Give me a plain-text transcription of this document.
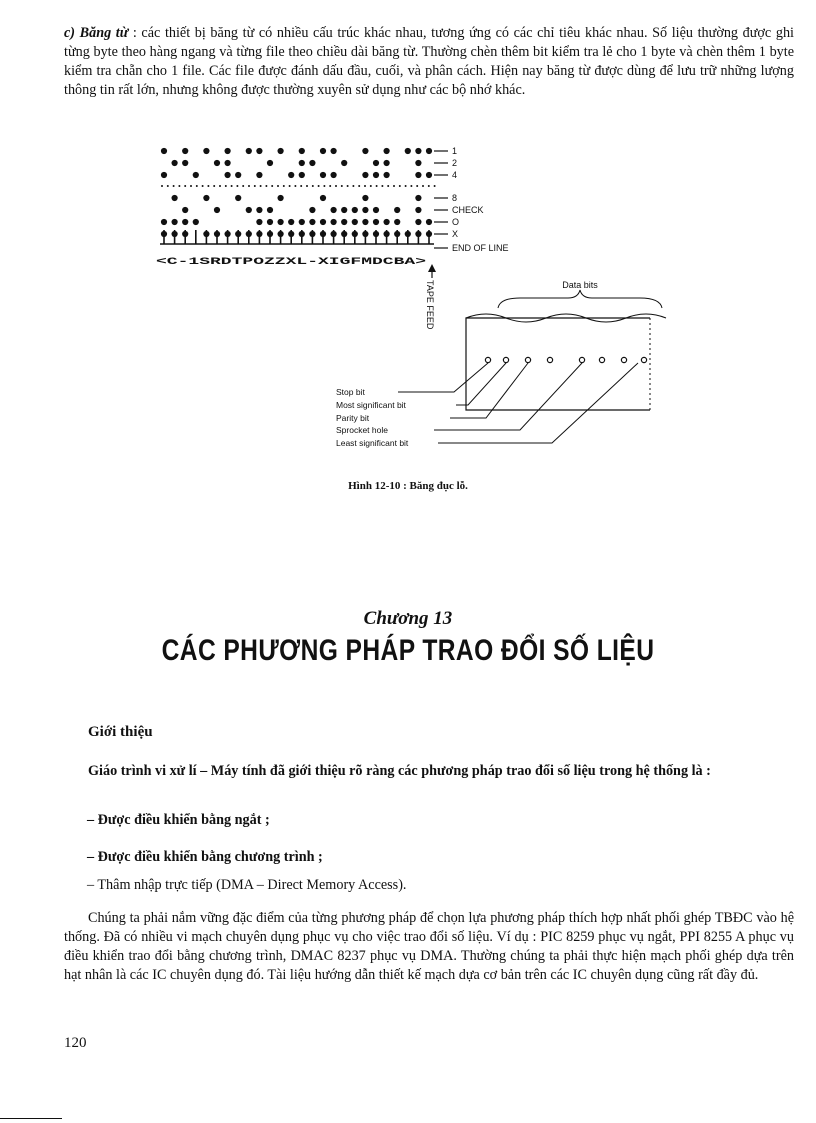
c) Băng từ : các thiết bị băng từ có nhiều cấu trúc khác nhau, tương ứng có các chỉ tiêu khác nhau. Số liệu thường được ghi từng byte theo hàng ngang và từng file theo chiều dài băng từ. Thường chèn thêm bit kiểm tra lẻ cho 1 byte và chèn thêm 1 byte kiểm tra chẵn cho 1 file. Các file được đánh dấu đầu, cuối, và phân cách. Hiện nay băng từ được dùng để lưu trữ những lượng thông tin rất lớn, nhưng không được thường xuyên sử dụng như các bộ nhớ khác.

1
2
4
8
CHECK
O
X
END OF LINE
<C-1SRDTPOZZXL-XIGFMDCBA>
TAPE FEED	Data bits
Stop bit
Most significant bit
Parity bit
Sprocket hole
Least significant bit
Hình 12-10 : Băng đục lỗ.
Chương 13
CÁC PHƯƠNG PHÁP TRAO ĐỔI SỐ LIỆU
Giới thiệu

Giáo trình vi xử lí – Máy tính đã giới thiệu rõ ràng các phương pháp trao đổi số liệu trong hệ thống là :

– Được điều khiển bằng ngắt ;
– Được điều khiển bằng chương trình ;
– Thâm nhập trực tiếp (DMA – Direct Memory Access).

Chúng ta phải nắm vững đặc điểm của từng phương pháp để chọn lựa phương pháp thích hợp nhất phối ghép TBĐC vào hệ thống. Đã có nhiều vi mạch chuyên dụng phục vụ cho việc trao đổi số liệu. Ví dụ : PIC 8259 phục vụ ngắt, PPI 8255 A phục vụ điều khiển trao đổi bằng chương trình, DMAC 8237 phục vụ DMA. Thường chúng ta phải thực hiện mạch phối ghép dựa trên hạt nhân là các IC chuyên dụng đó. Tài liệu hướng dẫn thiết kế mạch dựa cơ bản trên các IC chuyên dụng cũng rất đầy đủ.

120
